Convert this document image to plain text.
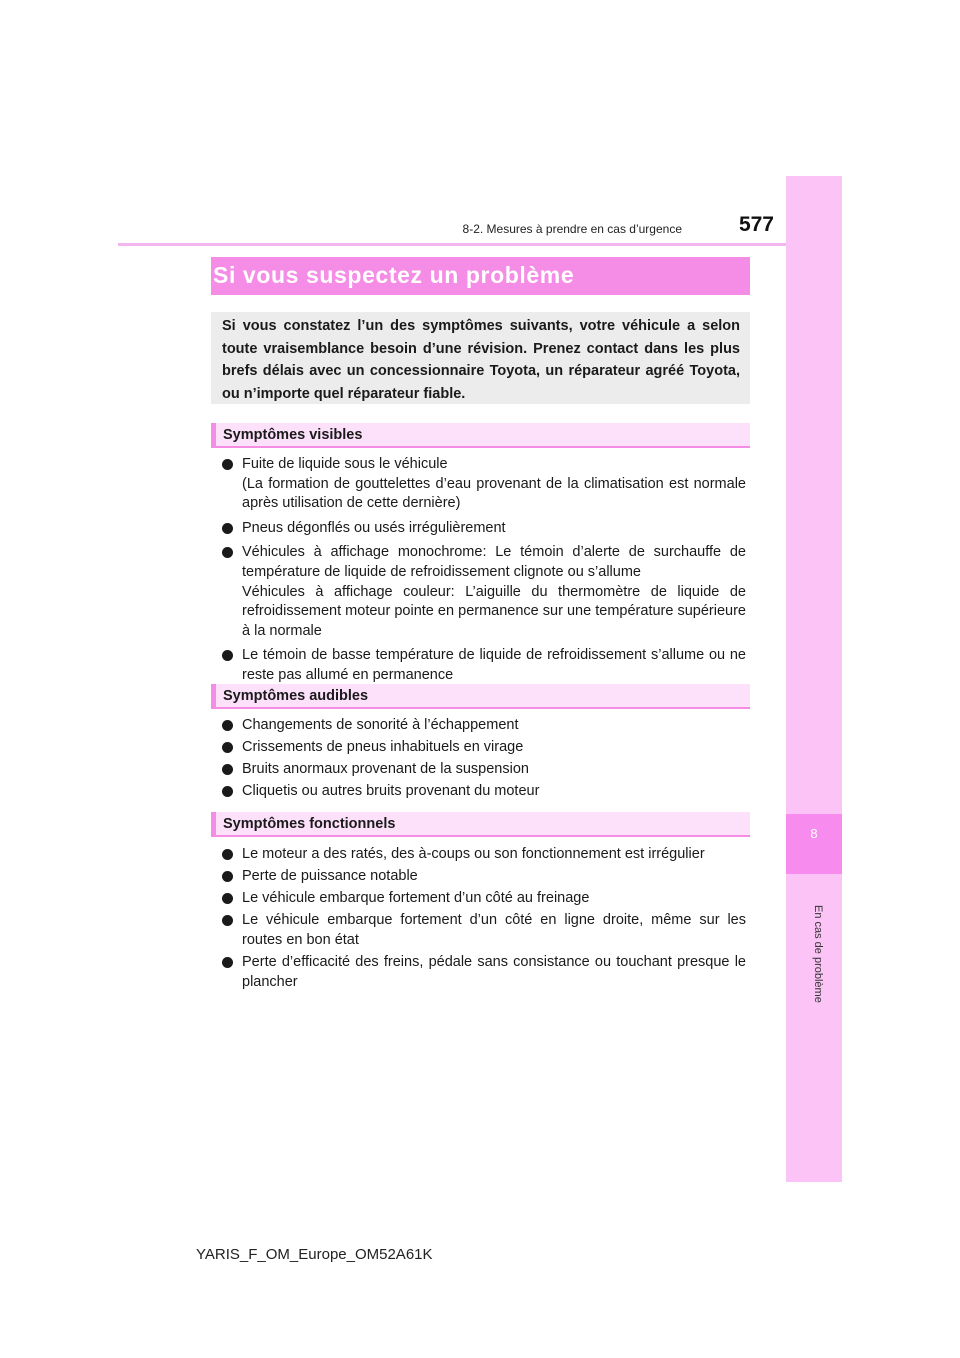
8-2. Mesures à prendre en cas d’urgence	577
8
En cas de problème
Si vous suspectez un problème
Si vous constatez l’un des symptômes suivants, votre véhicule a selon toute vraisemblance besoin d’une révision. Prenez contact dans les plus brefs délais avec un concessionnaire Toyota, un réparateur agréé Toyota, ou n’importe quel réparateur fiable.
Symptômes visibles
Fuite de liquide sous le véhicule
(La formation de gouttelettes d’eau provenant de la climatisation est normale après utilisation de cette dernière)
Pneus dégonflés ou usés irrégulièrement
Véhicules à affichage monochrome: Le témoin d’alerte de surchauffe de température de liquide de refroidissement clignote ou s’allume
Véhicules à affichage couleur: L’aiguille du thermomètre de liquide de refroidissement moteur pointe en permanence sur une température supérieure à la normale
Le témoin de basse température de liquide de refroidissement s’allume ou ne reste pas allumé en permanence
Symptômes audibles
Changements de sonorité à l’échappement
Crissements de pneus inhabituels en virage
Bruits anormaux provenant de la suspension
Cliquetis ou autres bruits provenant du moteur
Symptômes fonctionnels
Le moteur a des ratés, des à-coups ou son fonctionnement est irrégulier
Perte de puissance notable
Le véhicule embarque fortement d’un côté au freinage
Le véhicule embarque fortement d’un côté en ligne droite, même sur les routes en bon état
Perte d’efficacité des freins, pédale sans consistance ou touchant presque le plancher
YARIS_F_OM_Europe_OM52A61K
